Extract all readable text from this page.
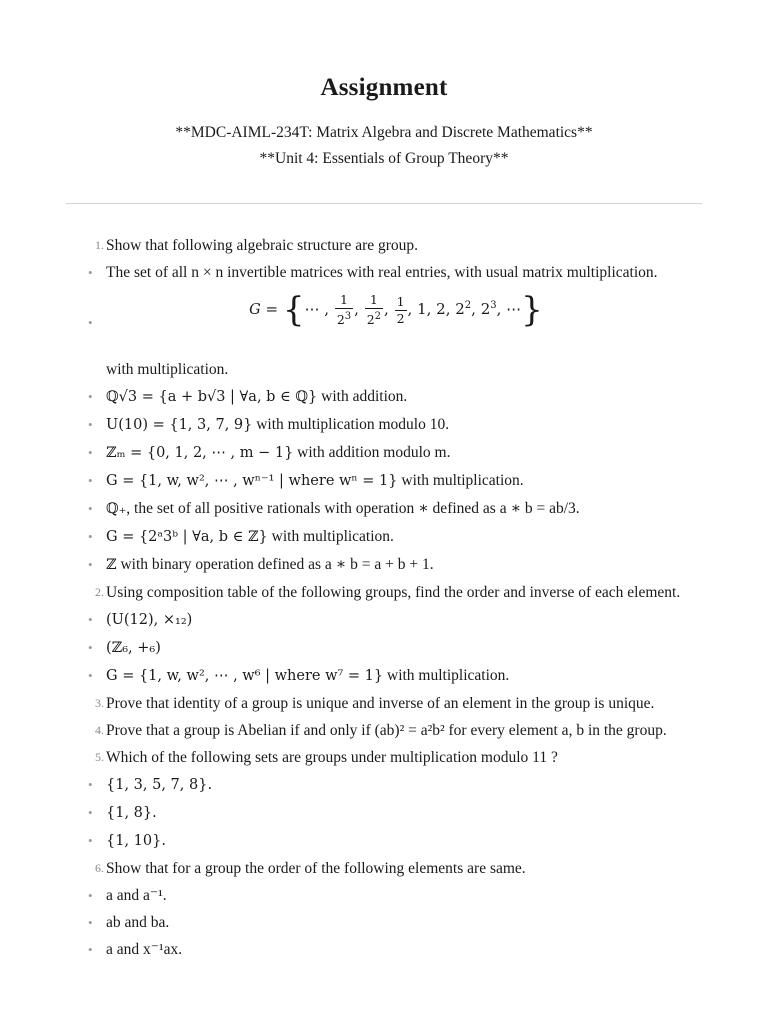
Assignment
**MDC-AIML-234T: Matrix Algebra and Discrete Mathematics**
**Unit 4: Essentials of Group Theory**
1. Show that following algebraic structure are group.
• The set of all n × n invertible matrices with real entries, with usual matrix multiplication.
•
G = {⋯ , $\frac{1}{2^3}$ , $\frac{1}{2^2}$ , $\frac{1}{2}$ , 1, 2, $2^2$, $2^3$, ⋯}
with multiplication.
• ℚ√3 = {a + b√3 | ∀a, b ∈ ℚ} with addition.
• U(10) = {1, 3, 7, 9} with multiplication modulo 10.
• ℤₘ = {0, 1, 2, ⋯ , m − 1} with addition modulo m.
• G = {1, w, w², ⋯ , wⁿ⁻¹ | where wⁿ = 1} with multiplication.
• ℚ₊, the set of all positive rationals with operation ∗ defined as a ∗ b = ab/3.
• G = {2ᵃ3ᵇ | ∀a, b ∈ ℤ} with multiplication.
• ℤ with binary operation defined as a ∗ b = a + b + 1.
2. Using composition table of the following groups, find the order and inverse of each element.
• (U(12), ×₁₂)
• (ℤ₆, +₆)
• G = {1, w, w², ⋯ , w⁶ | where w⁷ = 1} with multiplication.
3. Prove that identity of a group is unique and inverse of an element in the group is unique.
4. Prove that a group is Abelian if and only if (ab)² = a²b² for every element a, b in the group.
5. Which of the following sets are groups under multiplication modulo 11 ?
• {1, 3, 5, 7, 8}.
• {1, 8}.
• {1, 10}.
6. Show that for a group the order of the following elements are same.
• a and a⁻¹.
• ab and ba.
• a and x⁻¹ax.
